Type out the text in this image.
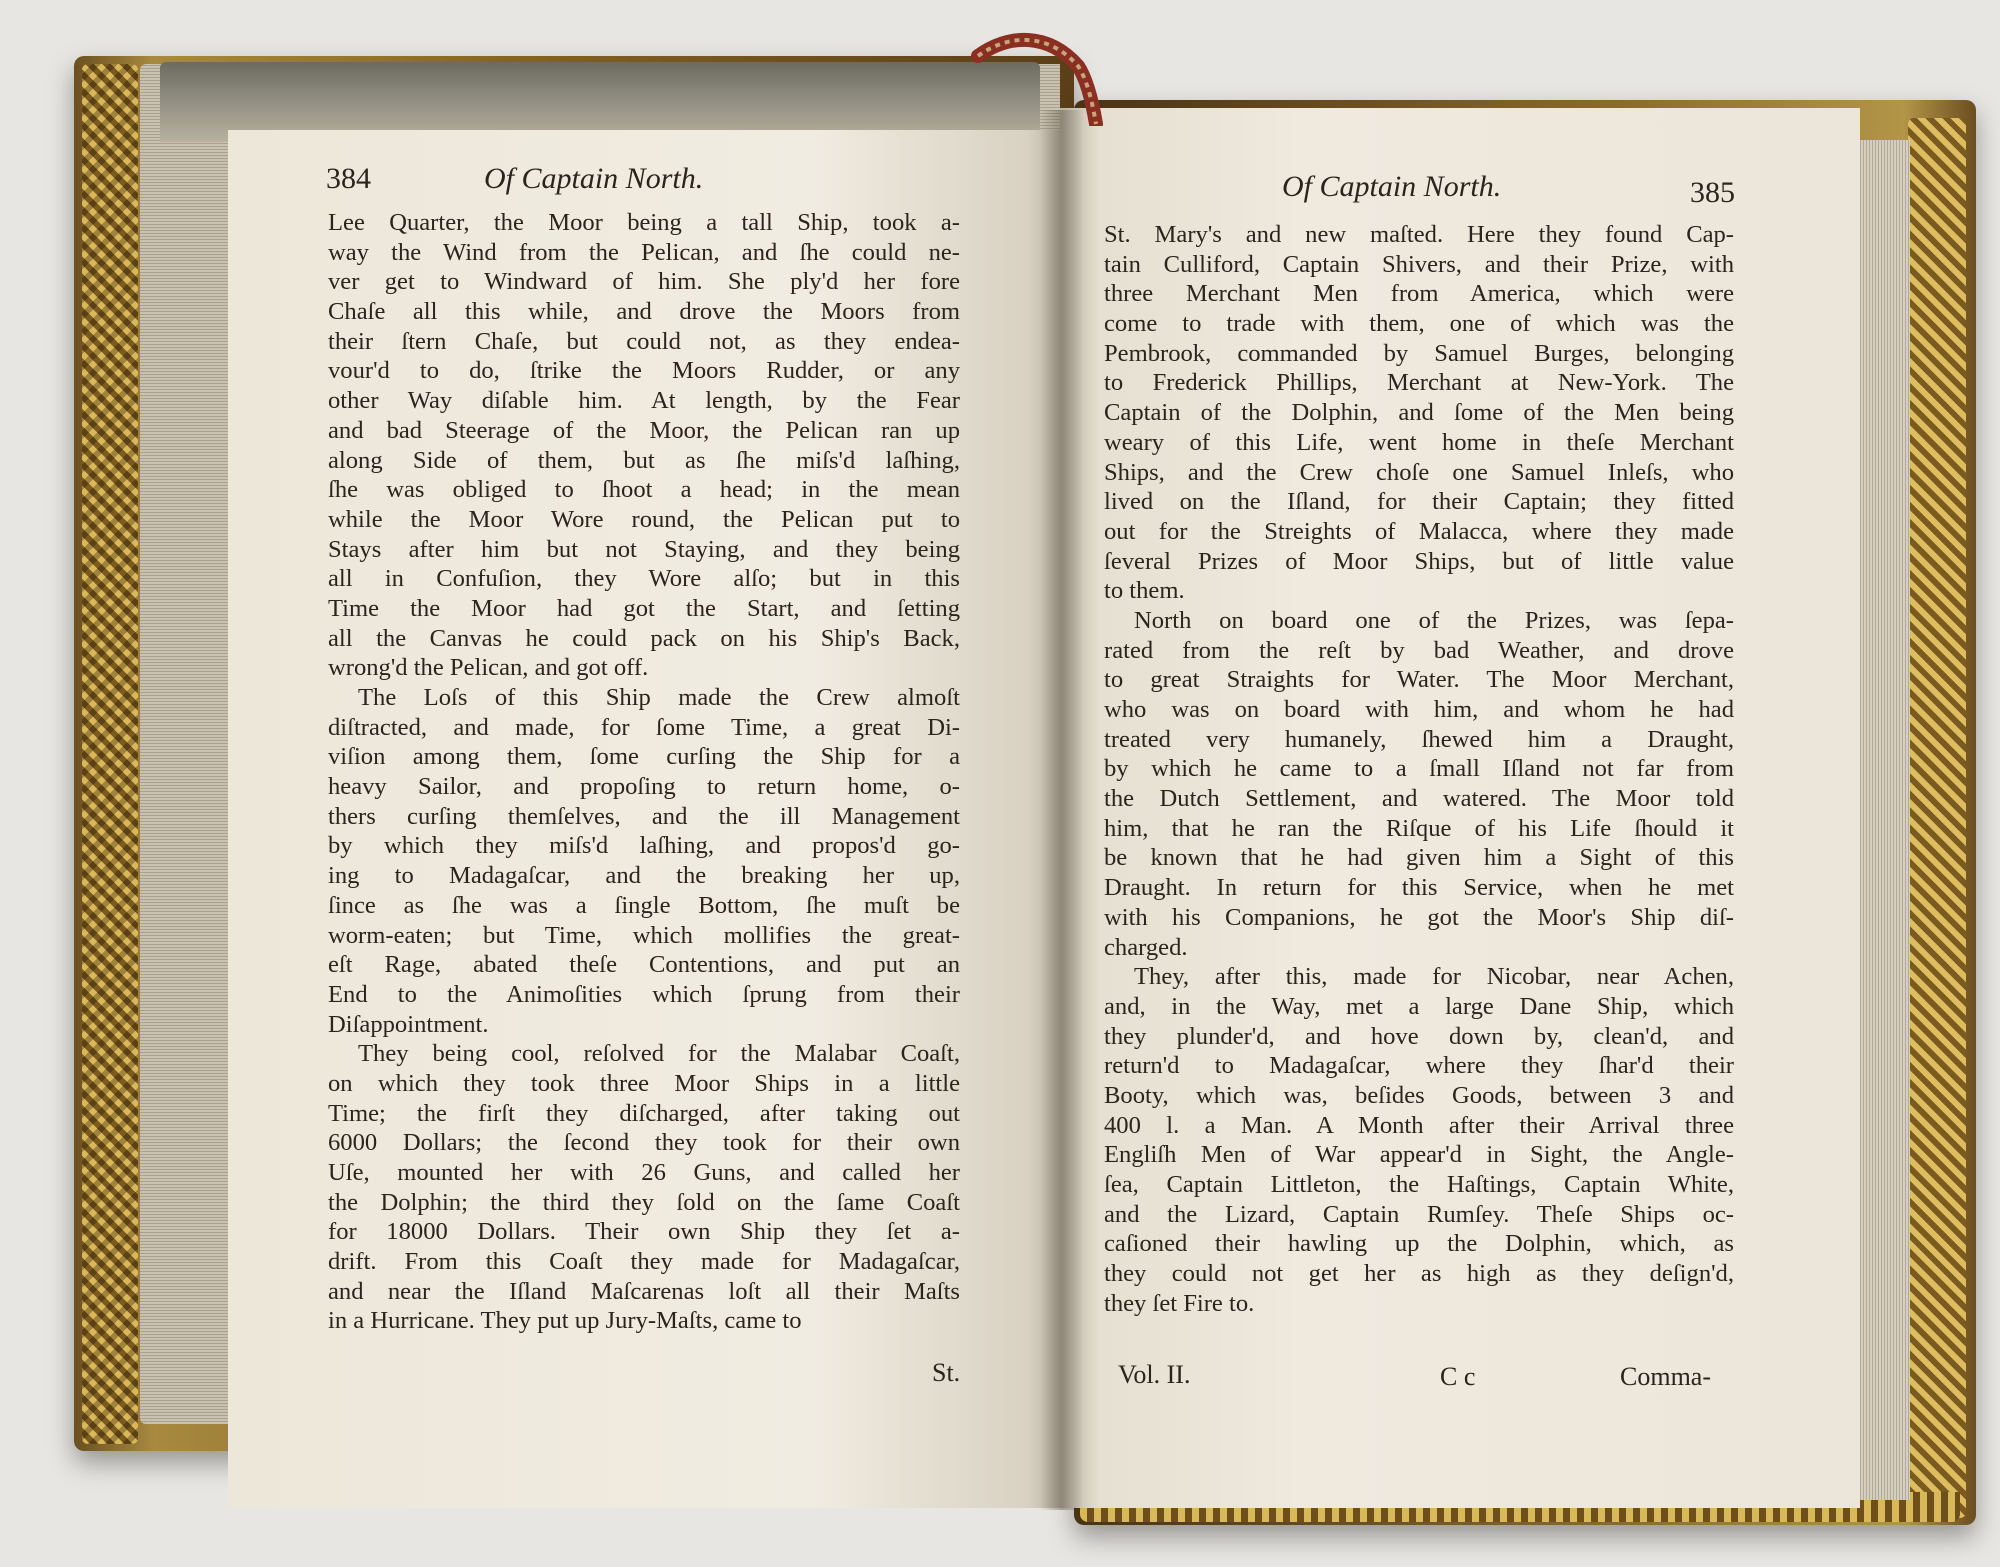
384	Of Captain North.
Lee Quarter, the Moor being a tall Ship, took a-
way the Wind from the Pelican, and ſhe could ne-
ver get to Windward of him. She ply'd her fore
Chaſe all this while, and drove the Moors from
their ſtern Chaſe, but could not, as they endea-
vour'd to do, ſtrike the Moors Rudder, or any
other Way diſable him. At length, by the Fear
and bad Steerage of the Moor, the Pelican ran up
along Side of them, but as ſhe miſs'd laſhing,
ſhe was obliged to ſhoot a head; in the mean
while the Moor Wore round, the Pelican put to
Stays after him but not Staying, and they being
all in Confuſion, they Wore alſo; but in this
Time the Moor had got the Start, and ſetting
all the Canvas he could pack on his Ship's Back,
wrong'd the Pelican, and got off.
The Loſs of this Ship made the Crew almoſt
diſtracted, and made, for ſome Time, a great Di-
viſion among them, ſome curſing the Ship for a
heavy Sailor, and propoſing to return home, o-
thers curſing themſelves, and the ill Management
by which they miſs'd laſhing, and propos'd go-
ing to Madagaſcar, and the breaking her up,
ſince as ſhe was a ſingle Bottom, ſhe muſt be
worm-eaten; but Time, which mollifies the great-
eſt Rage, abated theſe Contentions, and put an
End to the Animoſities which ſprung from their
Diſappointment.
They being cool, reſolved for the Malabar Coaſt,
on which they took three Moor Ships in a little
Time; the firſt they diſcharged, after taking out
6000 Dollars; the ſecond they took for their own
Uſe, mounted her with 26 Guns, and called her
the Dolphin; the third they ſold on the ſame Coaſt
for 18000 Dollars. Their own Ship they ſet a-
drift. From this Coaſt they made for Madagaſcar,
and near the Iſland Maſcarenas loſt all their Maſts
in a Hurricane. They put up Jury-Maſts, came to
St.
Of Captain North.	385
St. Mary's and new maſted. Here they found Cap-
tain Culliford, Captain Shivers, and their Prize, with
three Merchant Men from America, which were
come to trade with them, one of which was the
Pembrook, commanded by Samuel Burges, belonging
to Frederick Phillips, Merchant at New-York. The
Captain of the Dolphin, and ſome of the Men being
weary of this Life, went home in theſe Merchant
Ships, and the Crew choſe one Samuel Inleſs, who
lived on the Iſland, for their Captain; they fitted
out for the Streights of Malacca, where they made
ſeveral Prizes of Moor Ships, but of little value
to them.
North on board one of the Prizes, was ſepa-
rated from the reſt by bad Weather, and drove
to great Straights for Water. The Moor Merchant,
who was on board with him, and whom he had
treated very humanely, ſhewed him a Draught,
by which he came to a ſmall Iſland not far from
the Dutch Settlement, and watered. The Moor told
him, that he ran the Riſque of his Life ſhould it
be known that he had given him a Sight of this
Draught. In return for this Service, when he met
with his Companions, he got the Moor's Ship diſ-
charged.
They, after this, made for Nicobar, near Achen,
and, in the Way, met a large Dane Ship, which
they plunder'd, and hove down by, clean'd, and
return'd to Madagaſcar, where they ſhar'd their
Booty, which was, beſides Goods, between 3 and
400 l. a Man. A Month after their Arrival three
Engliſh Men of War appear'd in Sight, the Angle-
ſea, Captain Littleton, the Haſtings, Captain White,
and the Lizard, Captain Rumſey. Theſe Ships oc-
caſioned their hawling up the Dolphin, which, as
they could not get her as high as they deſign'd,
they ſet Fire to.
Vol. II.	C c	Comma-
